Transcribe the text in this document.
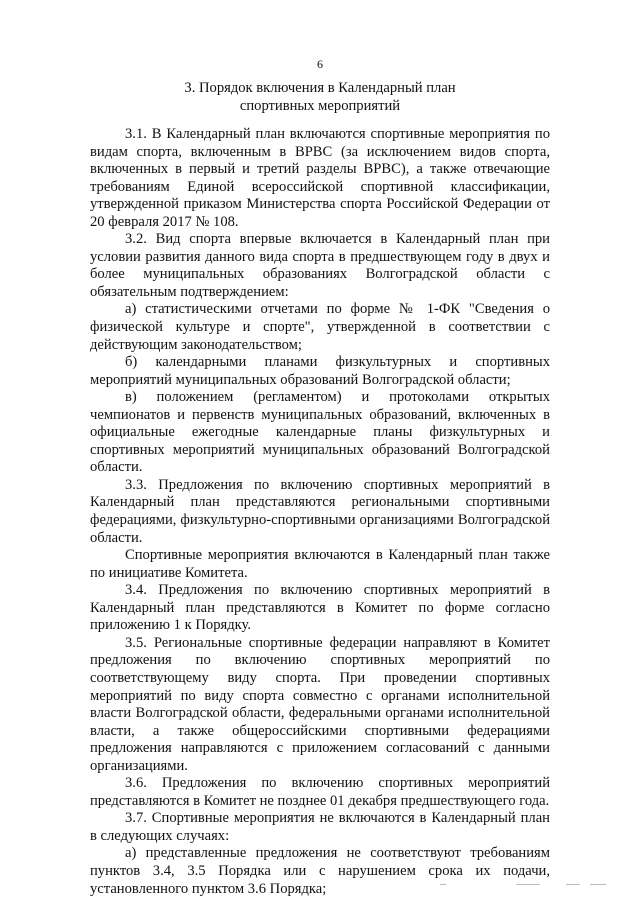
6
3. Порядок включения в Календарный план
спортивных мероприятий

3.1. В Календарный план включаются спортивные мероприятия по видам спорта, включенным в ВРВС (за исключением видов спорта, включенных в первый и третий разделы ВРВС), а также отвечающие требованиям Единой всероссийской спортивной классификации, утвержденной приказом Министерства спорта Российской Федерации от 20 февраля 2017 № 108.

3.2. Вид спорта впервые включается в Календарный план при условии развития данного вида спорта в предшествующем году в двух и более муниципальных образованиях Волгоградской области с обязательным подтверждением:

а) статистическими отчетами по форме № 1-ФК "Сведения о физической культуре и спорте", утвержденной в соответствии с действующим законодательством;

б) календарными планами физкультурных и спортивных мероприятий муниципальных образований Волгоградской области;

в) положением (регламентом) и протоколами открытых чемпионатов и первенств муниципальных образований, включенных в официальные ежегодные календарные планы физкультурных и спортивных мероприятий муниципальных образований Волгоградской области.

3.3. Предложения по включению спортивных мероприятий в Календарный план представляются региональными спортивными федерациями, физкультурно-спортивными организациями Волгоградской области.

Спортивные мероприятия включаются в Календарный план также по инициативе Комитета.

3.4. Предложения по включению спортивных мероприятий в Календарный план представляются в Комитет по форме согласно приложению 1 к Порядку.

3.5. Региональные спортивные федерации направляют в Комитет предложения по включению спортивных мероприятий по соответствующему виду спорта. При проведении спортивных мероприятий по виду спорта совместно с органами исполнительной власти Волгоградской области, федеральными органами исполнительной власти, а также общероссийскими спортивными федерациями предложения направляются с приложением согласований с данными организациями.

3.6. Предложения по включению спортивных мероприятий представляются в Комитет не позднее 01 декабря предшествующего года.

3.7. Спортивные мероприятия не включаются в Календарный план в следующих случаях:

а) представленные предложения не соответствуют требованиям пунктов 3.4, 3.5 Порядка или с нарушением срока их подачи, установленного пунктом 3.6 Порядка;
